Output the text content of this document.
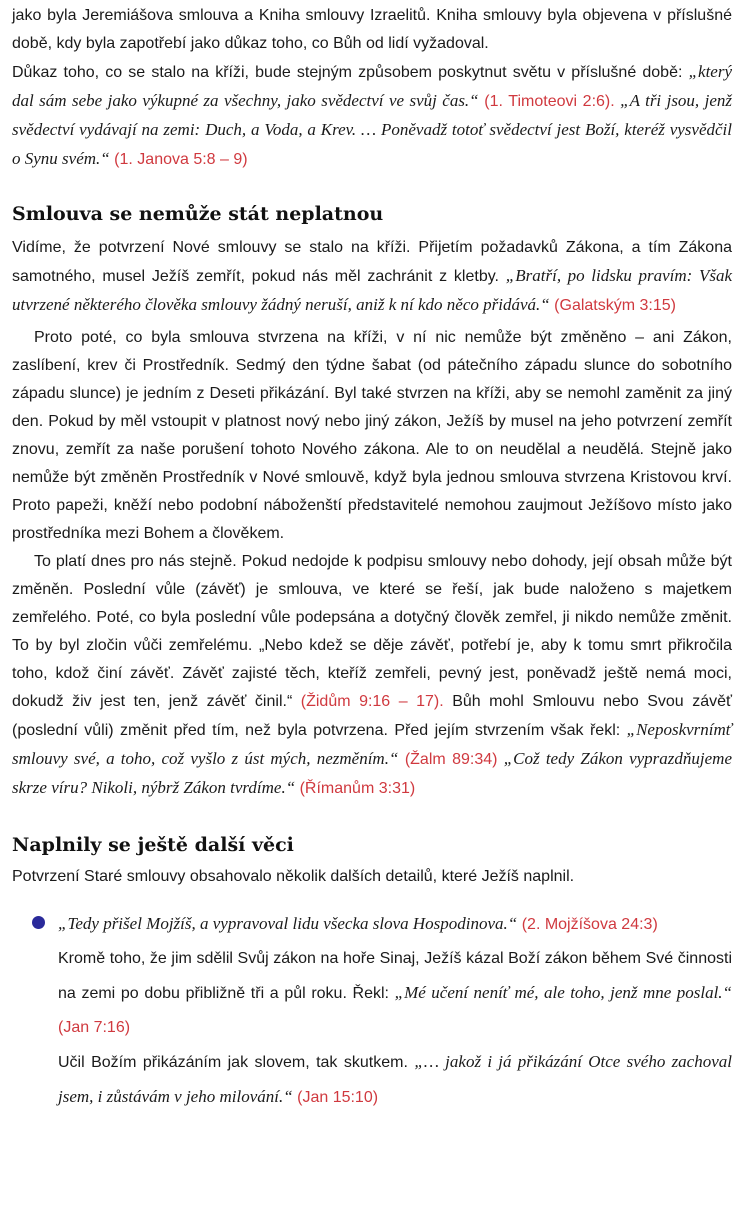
jako byla Jeremiášova smlouva a Kniha smlouvy Izraelitů. Kniha smlouvy byla objevena v příslušné době, kdy byla zapotřebí jako důkaz toho, co Bůh od lidí vyžadoval.

Důkaz toho, co se stalo na kříži, bude stejným způsobem poskytnut světu v příslušné době: „který dal sám sebe jako výkupné za všechny, jako svědectví ve svůj čas.“ (1. Timoteovi 2:6). „A tři jsou, jenž svědectví vydávají na zemi: Duch, a Voda, a Krev. … Poněvadž totoť svědectví jest Boží, kteréž vysvědčil o Synu svém.“ (1. Janova 5:8 – 9)

Smlouva se nemůže stát neplatnou

Vidíme, že potvrzení Nové smlouvy se stalo na kříži. Přijetím požadavků Zákona, a tím Zákona samotného, musel Ježíš zemřít, pokud nás měl zachránit z kletby. „Bratří, po lidsku pravím: Však utvrzené některého člověka smlouvy žádný neruší, aniž k ní kdo něco přidává.“ (Galatským 3:15)

Proto poté, co byla smlouva stvrzena na kříži, v ní nic nemůže být změněno – ani Zákon, zaslíbení, krev či Prostředník. Sedmý den týdne šabat (od pátečního západu slunce do sobotního západu slunce) je jedním z Deseti přikázání. Byl také stvrzen na kříži, aby se nemohl zaměnit za jiný den. Pokud by měl vstoupit v platnost nový nebo jiný zákon, Ježíš by musel na jeho potvrzení zemřít znovu, zemřít za naše porušení tohoto Nového zákona. Ale to on neudělal a neudělá. Stejně jako nemůže být změněn Prostředník v Nové smlouvě, když byla jednou smlouva stvrzena Kristovou krví. Proto papeži, kněží nebo podobní náboženští představitelé nemohou zaujmout Ježíšovo místo jako prostředníka mezi Bohem a člověkem.

To platí dnes pro nás stejně. Pokud nedojde k podpisu smlouvy nebo dohody, její obsah může být změněn. Poslední vůle (závěť) je smlouva, ve které se řeší, jak bude naloženo s majetkem zemřelého. Poté, co byla poslední vůle podepsána a dotyčný člověk zemřel, ji nikdo nemůže změnit. To by byl zločin vůči zemřelému. „Nebo kdež se děje závěť, potřebí je, aby k tomu smrt přikročila toho, kdož činí závěť. Závěť zajisté těch, kteříž zemřeli, pevný jest, poněvadž ještě nemá moci, dokudž živ jest ten, jenž závěť činil.“ (Židům 9:16 – 17). Bůh mohl Smlouvu nebo Svou závěť (poslední vůli) změnit před tím, než byla potvrzena. Před jejím stvrzením však řekl: „Neposkvrnímť smlouvy své, a toho, což vyšlo z úst mých, nezměním.“ (Žalm 89:34) „Což tedy Zákon vyprazdňujeme skrze víru? Nikoli, nýbrž Zákon tvrdíme.“ (Římanům 3:31)

Naplnily se ještě další věci

Potvrzení Staré smlouvy obsahovalo několik dalších detailů, které Ježíš naplnil.

„Tedy přišel Mojžíš, a vypravoval lidu všecka slova Hospodinova.“ (2. Mojžíšova 24:3)

Kromě toho, že jim sdělil Svůj zákon na hoře Sinaj, Ježíš kázal Boží zákon během Své činnosti na zemi po dobu přibližně tři a půl roku. Řekl: „Mé učení neníť mé, ale toho, jenž mne poslal.“ (Jan 7:16)

Učil Božím přikázáním jak slovem, tak skutkem. „… jakož i já přikázání Otce svého zachoval jsem, i zůstávám v jeho milování.“ (Jan 15:10)
